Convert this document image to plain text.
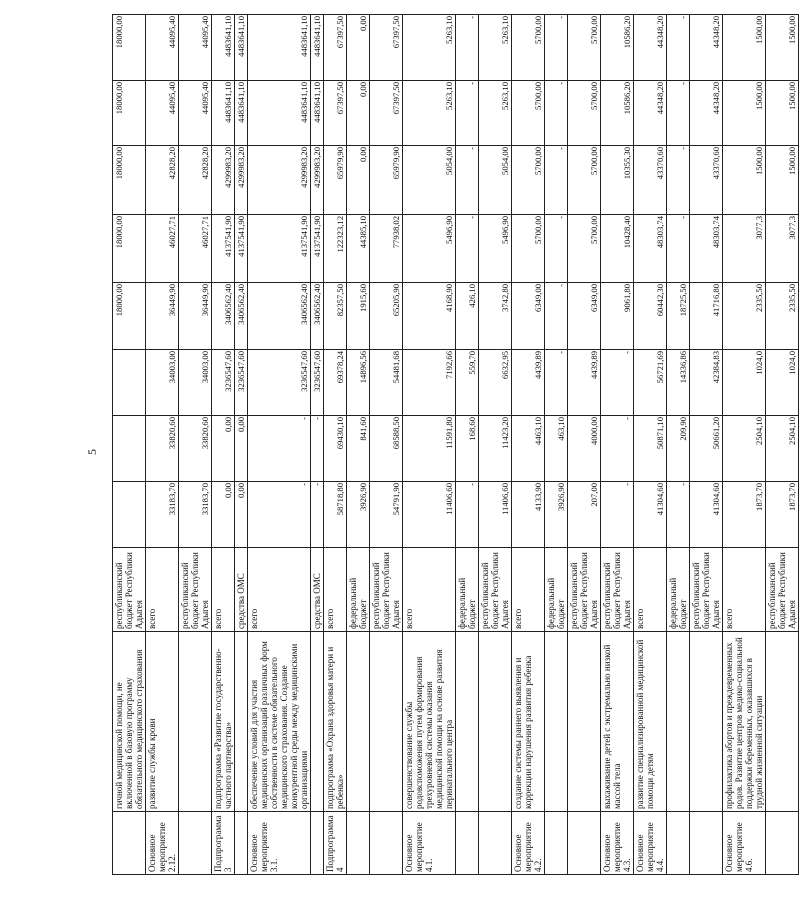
5
	гичной медицинской помощи, не включенной в базовую программу обязательного медицинского страхования	республиканский бюджет Республики Адыгея				18000,00	18000,00	18000,00	18000,00	18000,00
Основное мероприятие 2.12.	развитие службы крови	всего	33183,70	33820,60	34003,00	36449,90	46027,71	42828,20	44095,40	44095,40
		республиканский бюджет Республики Адыгея	33183,70	33820,60	34003,00	36449,90	46027,71	42828,20	44095,40	44095,40
Подпрограмма 3	подпрограмма «Развитие государственно-частного партнерства»	всего	0,00	0,00	3236547,60	3406562,40	4137541,90	4299983,20	4483641,10	4483641,10
		средства ОМС	0,00	0,00	3236547,60	3406562,40	4137541,90	4299983,20	4483641,10	4483641,10
Основное мероприятие 3.1.	обеспечение условий для участия медицинских организаций различных форм собственности в системе обязательного медицинского страхования. Создание конкурентной среды между медицинскими организациями	всего	-	-	3236547,60	3406562,40	4137541,90	4299983,20	4483641,10	4483641,10
		средства ОМС	-	-	3236547,60	3406562,40	4137541,90	4299983,20	4483641,10	4483641,10
Подпрограмма 4	подпрограмма «Охрана здоровья матери и ребенка»	всего	58718,80	69430,10	69378,24	82357,50	122323,12	65979,90	67397,50	67397,50
		федеральный бюджет	3926,90	841,60	14896,56	1915,60	44385,10	0,00	0,00	0,00
		республиканский бюджет Республики Адыгея	54791,90	68588,50	54481,68	65205,90	77938,02	65979,90	67397,50	67397,50
Основное мероприятие 4.1.	совершенствование службы родовспоможения путем формирования трехуровневой системы оказания медицинской помощи на основе развития перинатального центра	всего	11406,60	11591,80	7192,66	4168,90	5496,90	5054,00	5263,10	5263,10
		федеральный бюджет	-	168,60	559,70	426,10	-	-	-	-
		республиканский бюджет Республики Адыгея	11406,60	11423,20	6632,95	3742,80	5496,90	5054,00	5263,10	5263,10
Основное мероприятие 4.2.	создание системы раннего выявления и коррекции нарушения развития ребенка	всего	4133,90	4463,10	4439,89	6349,00	5700,00	5700,00	5700,00	5700,00
		федеральный бюджет	3926,90	463,10	-	-	-	-	-	-
		республиканский бюджет Республики Адыгея	207,00	4000,00	4439,89	6349,00	5700,00	5700,00	5700,00	5700,00
Основное мероприятие 4.3.	выхаживание детей с экстремально низкой массой тела	республиканский бюджет Республики Адыгея	-	-	-	9061,80	10428,40	10355,30	10586,20	10586,20
Основное мероприятие 4.4.	развитие специализированной медицинской помощи детям	всего	41304,60	50871,10	56721,69	60442,30	48303,74	43370,60	44348,20	44348,20
		федеральный бюджет	-	209,90	14336,86	18725,50	-	-	-	-
		республиканский бюджет Республики Адыгея	41304,60	50661,20	42384,83	41716,80	48303,74	43370,60	44348,20	44348,20
Основное мероприятие 4.6.	профилактика абортов и преждевременных родов. Развитие центров медико-социальной поддержки беременных, оказавшихся в трудной жизненной ситуации	всего	1873,70	2504,10	1024,0	2335,50	3077,3	1500,00	1500,00	1500,00
		республиканский бюджет Республики Адыгея	1873,70	2504,10	1024,0	2335,50	3077,3	1500,00	1500,00	1500,00
